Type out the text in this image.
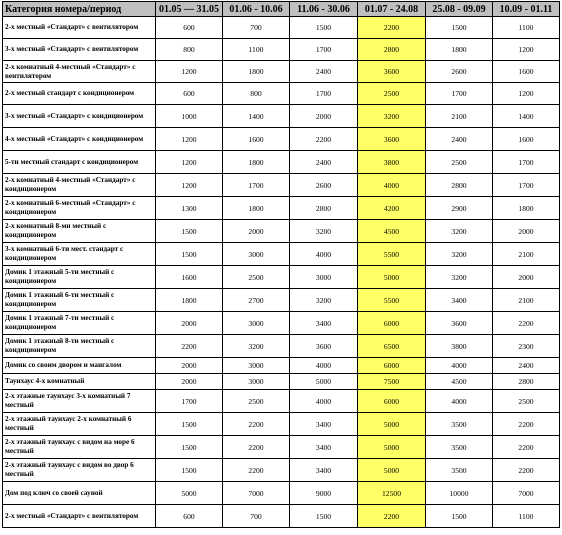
Категория номера/период	01.05 — 31.05	01.06 - 10.06	11.06 - 30.06	01.07 - 24.08	25.08 - 09.09	10.09 - 01.11
2-х местный «Стандарт» с вентилятором	600	700	1500	2200	1500	1100
3-х местный «Стандарт» с вентилятором	800	1100	1700	2800	1800	1200
2-х комнатный 4-местный «Стандарт» с вентилятором	1200	1800	2400	3600	2600	1600
2-х местный стандарт с кондиционером	600	800	1700	2500	1700	1200
3-х местный «Стандарт» с кондиционером	1000	1400	2000	3200	2100	1400
4-х местный «Стандарт» с кондиционером	1200	1600	2200	3600	2400	1600
5-ти местный стандарт с кондиционером	1200	1800	2400	3800	2500	1700
2-х комнатный 4-местный «Стандарт» с кондиционером	1200	1700	2600	4000	2800	1700
2-х комнатный 6-местный «Стандарт» с кондиционером	1300	1800	2800	4200	2900	1800
2-х комнатный 8-ми местный с кондиционером	1500	2000	3200	4500	3200	2000
3-х комнатный 6-ти мест. стандарт с кондиционером	1500	3000	4000	5500	3200	2100
Домик 1 этажный 5-ти местный с кондиционером	1600	2500	3000	5000	3200	2000
Домик 1 этажный 6-ти местный с кондиционером	1800	2700	3200	5500	3400	2100
Домик 1 этажный 7-ти местный с кондиционером	2000	3000	3400	6000	3600	2200
Домик 1 этажный 8-ти местный с кондиционером	2200	3200	3600	6500	3800	2300
Домик со своим двором и мангалом	2000	3000	4000	6000	4000	2400
Таунхаус 4-х комнатный	2000	3000	5000	7500	4500	2800
2-х этажные таунхаус 3-х комнатный 7 местный	1700	2500	4000	6000	4000	2500
2-х этажный таунхаус 2-х комнатный 6 местный	1500	2200	3400	5000	3500	2200
2-х этажный таунхаус с видом на море 6 местный	1500	2200	3400	5000	3500	2200
2-х этажный таунхаус с видом во двор 6 местный	1500	2200	3400	5000	3500	2200
Дом под ключ со своей сауной	5000	7000	9000	12500	10000	7000
2-х местный «Стандарт» с вентилятором	600	700	1500	2200	1500	1100
